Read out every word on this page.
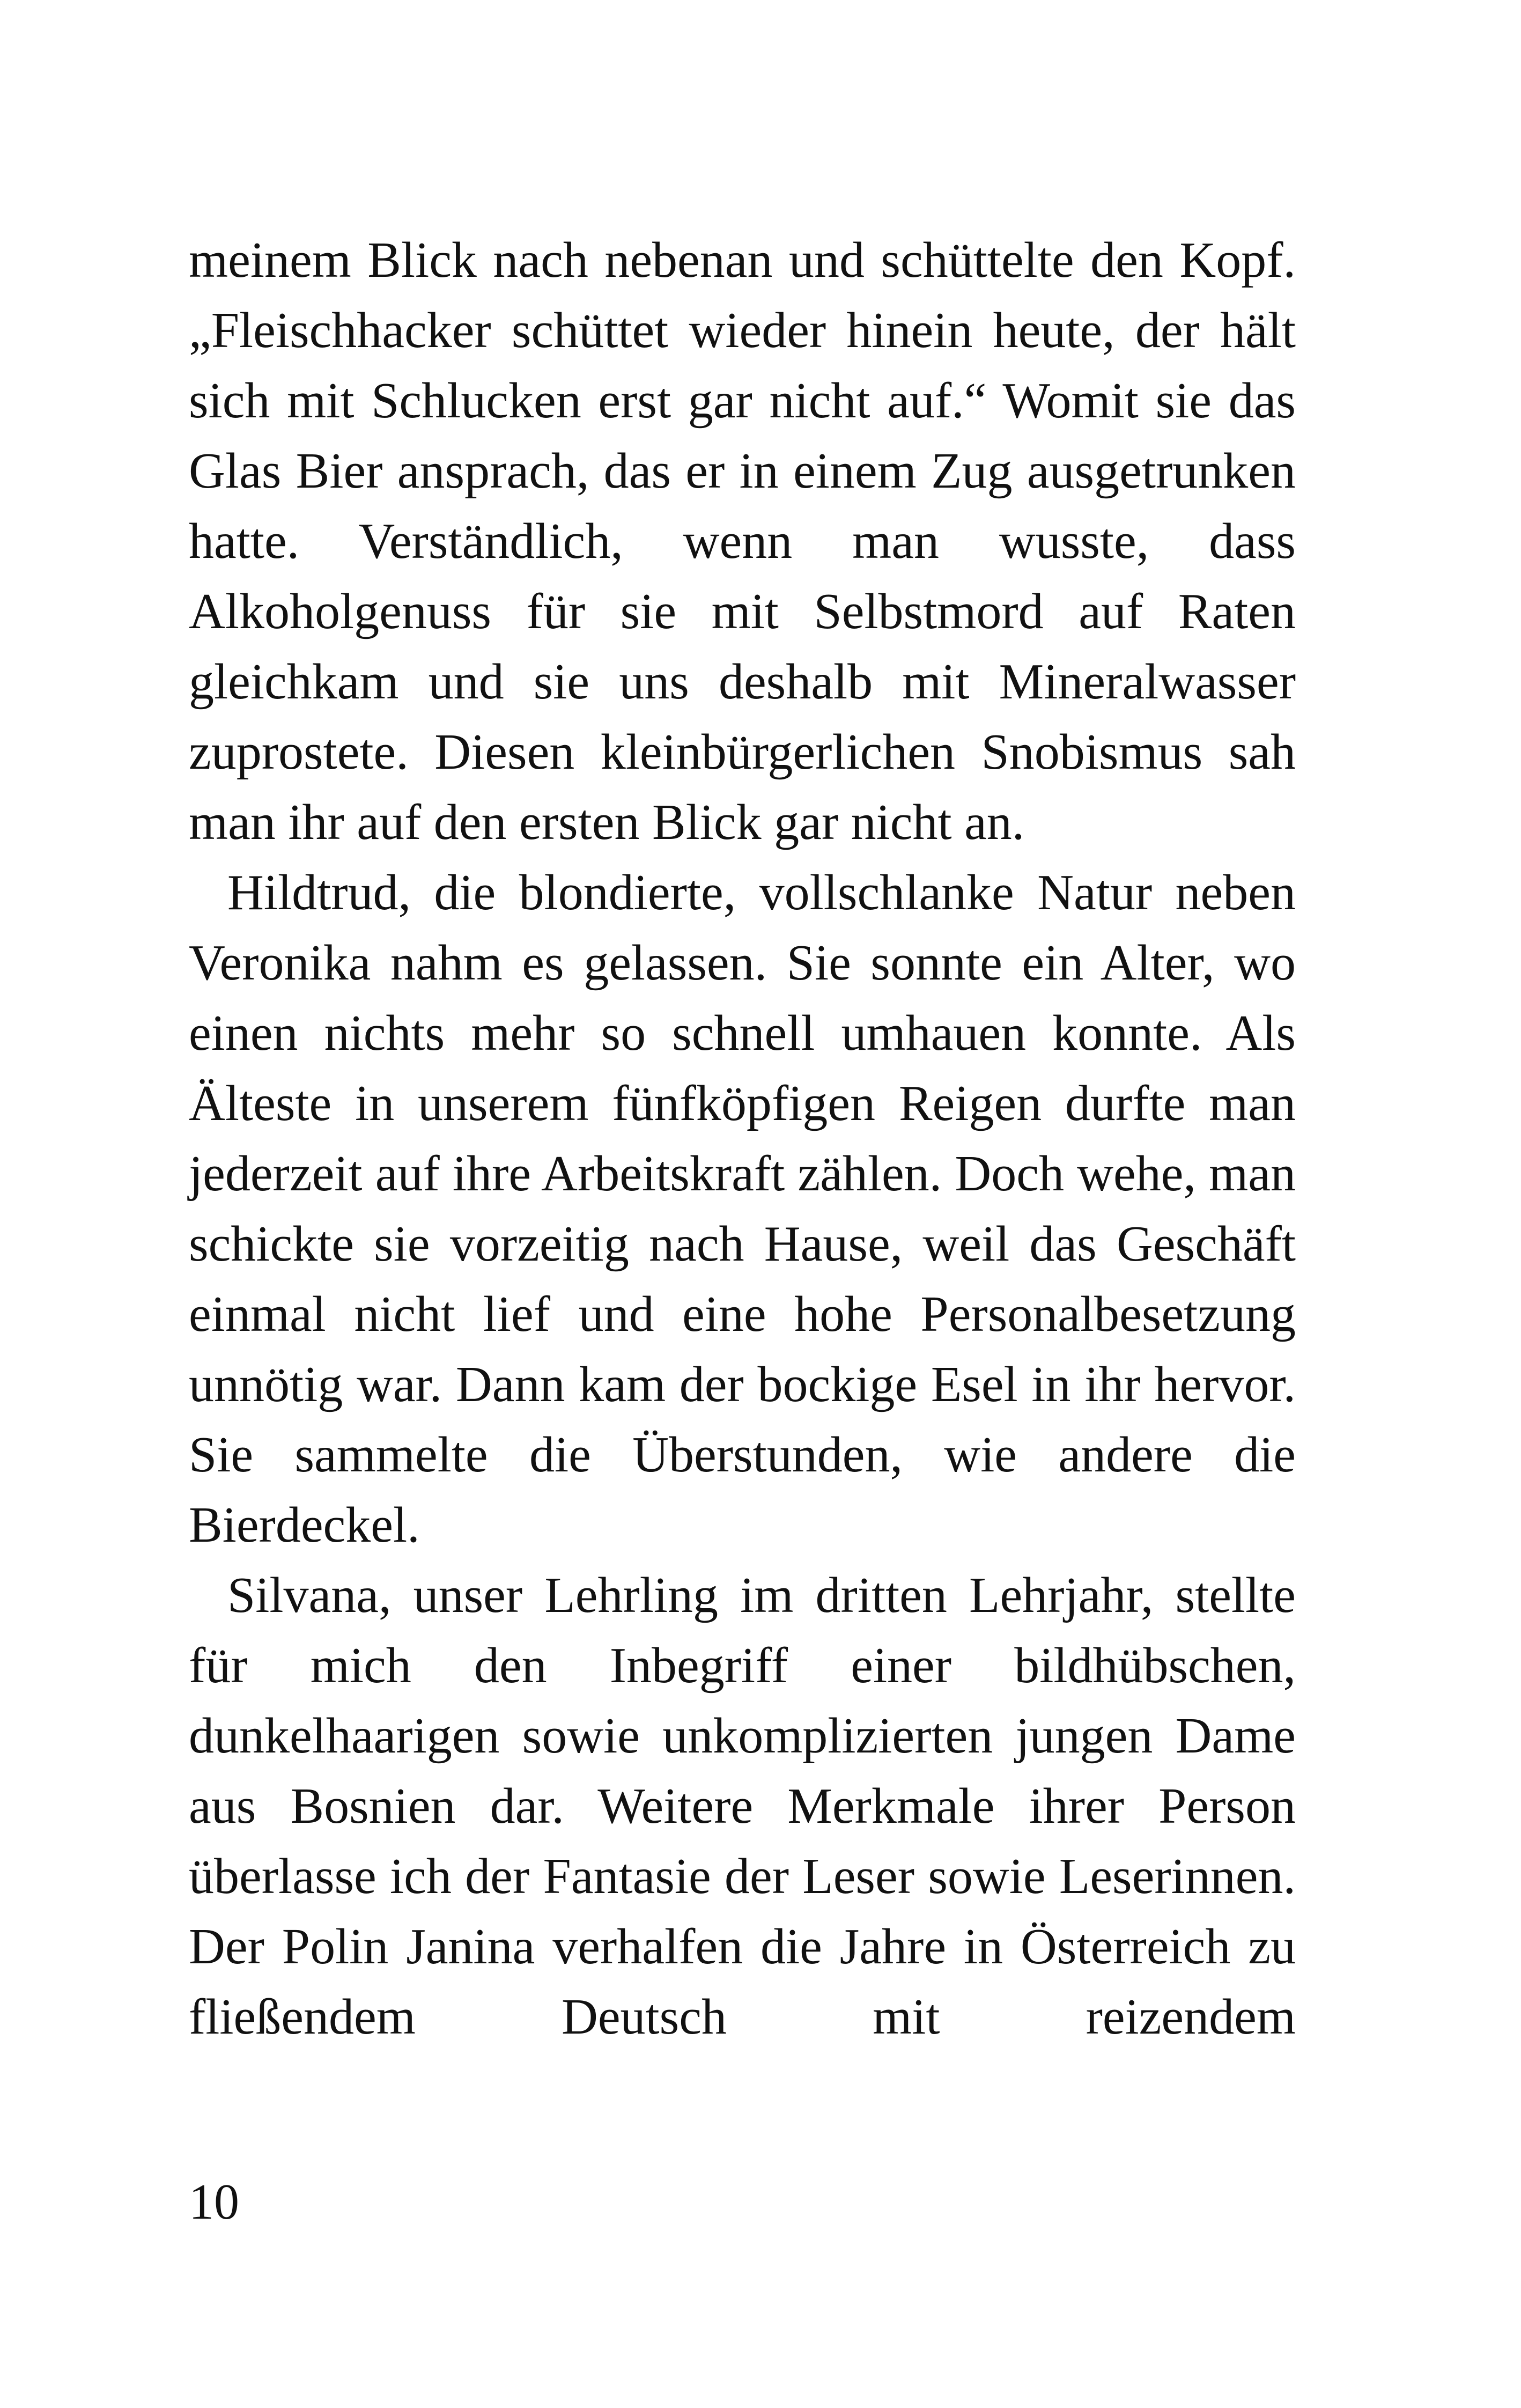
meinem Blick nach nebenan und schüttelte den Kopf. „Fleischhacker schüttet wieder hinein heute, der hält sich mit Schlucken erst gar nicht auf.“ Womit sie das Glas Bier ansprach, das er in einem Zug ausgetrunken hatte. Verständlich, wenn man wusste, dass Alkoholgenuss für sie mit Selbstmord auf Raten gleichkam und sie uns deshalb mit Mineralwasser zuprostete. Diesen kleinbürgerlichen Snobismus sah man ihr auf den ersten Blick gar nicht an.

Hildtrud, die blondierte, vollschlanke Natur neben Veronika nahm es gelassen. Sie sonnte ein Alter, wo einen nichts mehr so schnell umhauen konnte. Als Älteste in unserem fünfköpfigen Reigen durfte man jederzeit auf ihre Arbeitskraft zählen. Doch wehe, man schickte sie vorzeitig nach Hause, weil das Geschäft einmal nicht lief und eine hohe Personalbesetzung unnötig war. Dann kam der bockige Esel in ihr hervor. Sie sammelte die Überstunden, wie andere die Bierdeckel.

Silvana, unser Lehrling im dritten Lehrjahr, stellte für mich den Inbegriff einer bildhübschen, dunkelhaarigen sowie unkomplizierten jungen Dame aus Bosnien dar. Weitere Merkmale ihrer Person überlasse ich der Fantasie der Leser sowie Leserinnen. Der Polin Janina verhalfen die Jahre in Österreich zu fließendem Deutsch mit reizendem

10
